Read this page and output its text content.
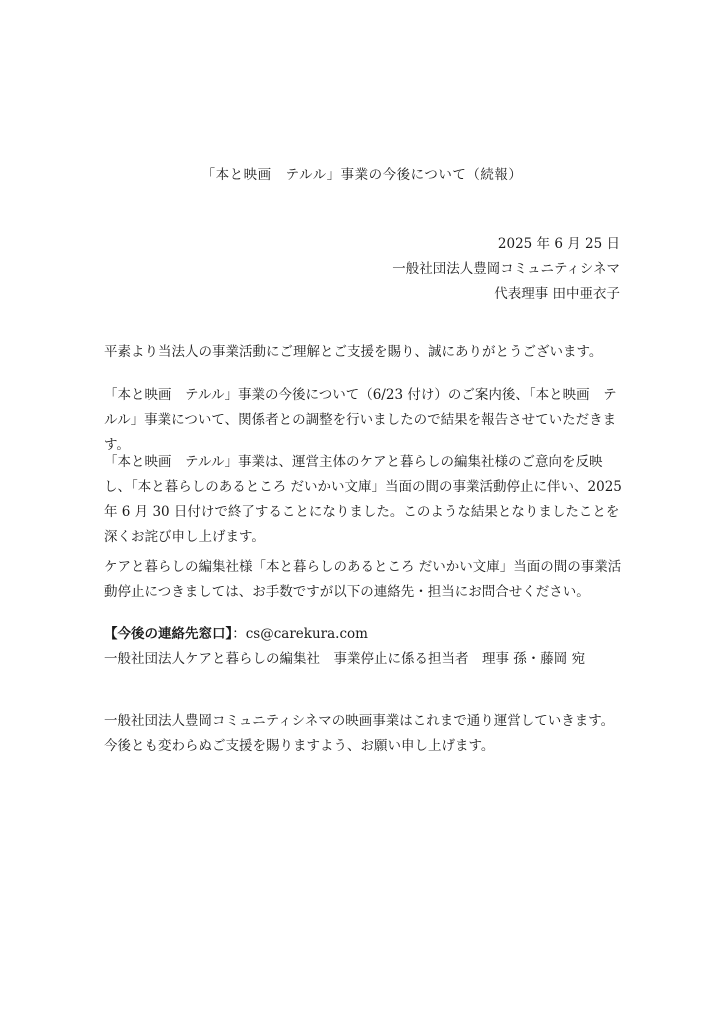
「本と映画　テルル」事業の今後について（続報）
2025 年 6 月 25 日
一般社団法人豊岡コミュニティシネマ
代表理事 田中亜衣子

平素より当法人の事業活動にご理解とご支援を賜り、誠にありがとうございます。

「本と映画　テルル」事業の今後について（6/23 付け）のご案内後、「本と映画　テルル」事業について、関係者との調整を行いましたので結果を報告させていただきます。

「本と映画　テルル」事業は、運営主体のケアと暮らしの編集社様のご意向を反映し、「本と暮らしのあるところ だいかい文庫」当面の間の事業活動停止に伴い、2025 年 6 月 30 日付けで終了することになりました。このような結果となりましたことを深くお詫び申し上げます。

ケアと暮らしの編集社様「本と暮らしのあるところ だいかい文庫」当面の間の事業活動停止につきましては、お手数ですが以下の連絡先・担当にお問合せください。

【今後の連絡先窓口】：cs@carekura.com
一般社団法人ケアと暮らしの編集社　事業停止に係る担当者　理事 孫・藤岡 宛

一般社団法人豊岡コミュニティシネマの映画事業はこれまで通り運営していきます。今後とも変わらぬご支援を賜りますよう、お願い申し上げます。
